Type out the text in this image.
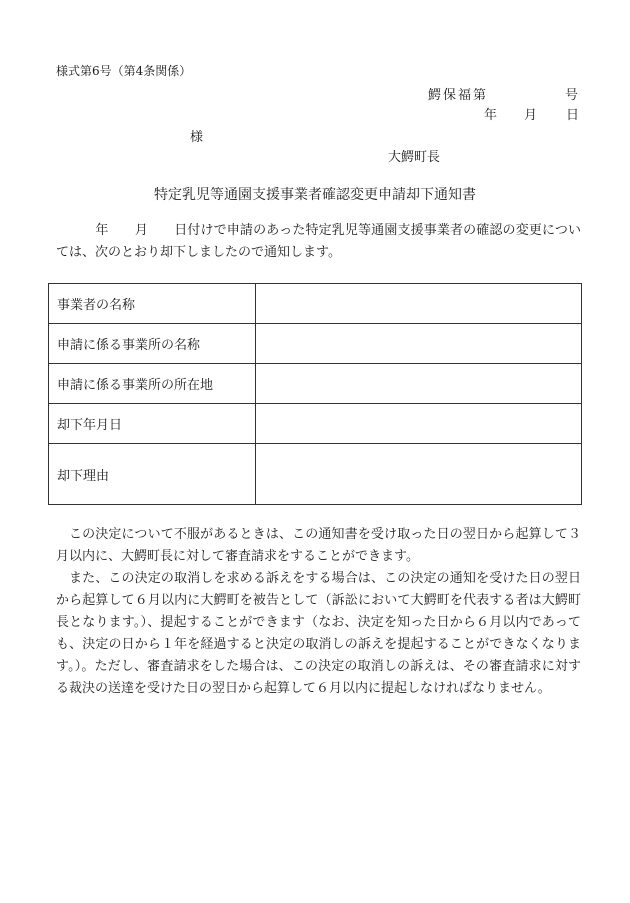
様式第6号（第4条関係）
鰐保福第	号
年 月 日
様
大鰐町長
特定乳児等通園支援事業者確認変更申請却下通知書
　　　年　　月　　日付けで申請のあった特定乳児等通園支援事業者の確認の変更については、次のとおり却下しましたので通知します。
事業者の名称	
申請に係る事業所の名称	
申請に係る事業所の所在地	
却下年月日	
却下理由	

この決定について不服があるときは、この通知書を受け取った日の翌日から起算して３月以内に、大鰐町長に対して審査請求をすることができます。

また、この決定の取消しを求める訴えをする場合は、この決定の通知を受けた日の翌日から起算して６月以内に大鰐町を被告として（訴訟において大鰐町を代表する者は大鰐町長となります。）、提起することができます（なお、決定を知った日から６月以内であっても、決定の日から１年を経過すると決定の取消しの訴えを提起することができなくなります。）。ただし、審査請求をした場合は、この決定の取消しの訴えは、その審査請求に対する裁決の送達を受けた日の翌日から起算して６月以内に提起しなければなりません。
